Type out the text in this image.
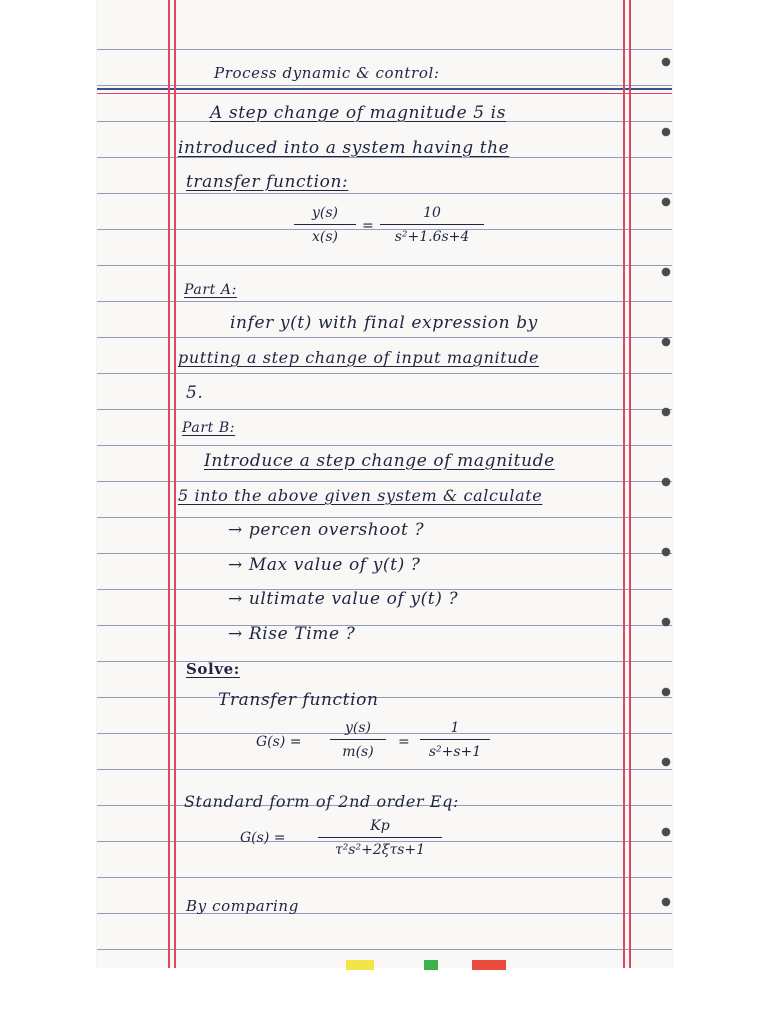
Process dynamic & control:
A step change of magnitude 5 is
introduced into a system having the
transfer function:
$\frac{y(s)}{x(s)} = \frac{10}{\text{s²+1.6s+4}}$
Part A:
infer y(t) with final expression by
putting a step change of input magnitude
5.
Part B:
Introduce a step change of magnitude
5 into the above given system & calculate
→ percen overshoot ?
→ Max value of y(t) ?
→ ultimate value of y(t) ?
→ Rise Time ?
Solve:
Transfer function
$G(s) = \frac{y(s)}{m(s)} = \frac{1}{\text{s²+s+1}}$
Standard form of 2nd order Eq:
G(s) =
Kp
τ²s²+2ξτs+1
By comparing
